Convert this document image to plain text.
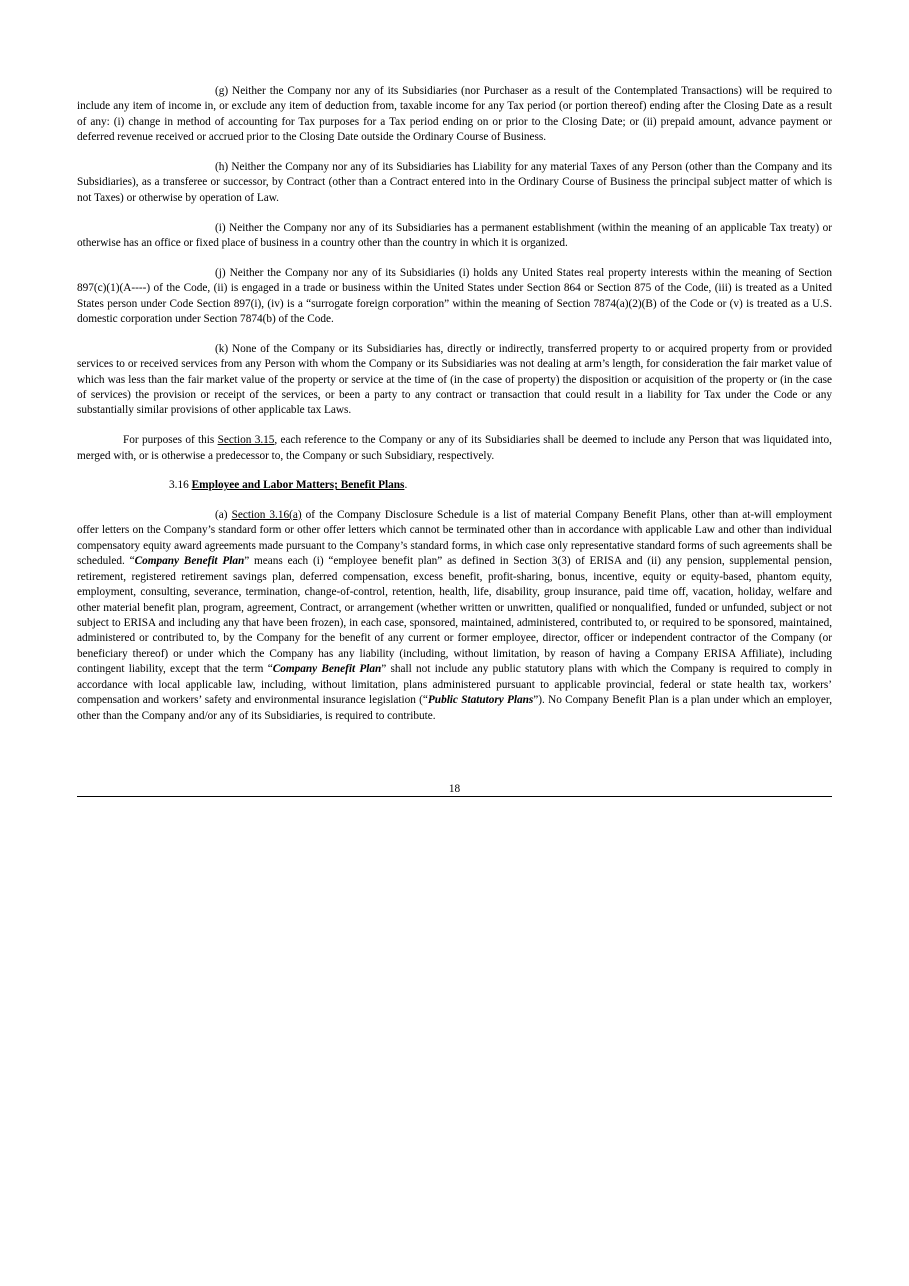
(g) Neither the Company nor any of its Subsidiaries (nor Purchaser as a result of the Contemplated Transactions) will be required to include any item of income in, or exclude any item of deduction from, taxable income for any Tax period (or portion thereof) ending after the Closing Date as a result of any: (i) change in method of accounting for Tax purposes for a Tax period ending on or prior to the Closing Date; or (ii) prepaid amount, advance payment or deferred revenue received or accrued prior to the Closing Date outside the Ordinary Course of Business.

(h) Neither the Company nor any of its Subsidiaries has Liability for any material Taxes of any Person (other than the Company and its Subsidiaries), as a transferee or successor, by Contract (other than a Contract entered into in the Ordinary Course of Business the principal subject matter of which is not Taxes) or otherwise by operation of Law.

(i) Neither the Company nor any of its Subsidiaries has a permanent establishment (within the meaning of an applicable Tax treaty) or otherwise has an office or fixed place of business in a country other than the country in which it is organized.

(j) Neither the Company nor any of its Subsidiaries (i) holds any United States real property interests within the meaning of Section 897(c)(1)(A----) of the Code, (ii) is engaged in a trade or business within the United States under Section 864 or Section 875 of the Code, (iii) is treated as a United States person under Code Section 897(i), (iv) is a “surrogate foreign corporation” within the meaning of Section 7874(a)(2)(B) of the Code or (v) is treated as a U.S. domestic corporation under Section 7874(b) of the Code.

(k) None of the Company or its Subsidiaries has, directly or indirectly, transferred property to or acquired property from or provided services to or received services from any Person with whom the Company or its Subsidiaries was not dealing at arm’s length, for consideration the fair market value of which was less than the fair market value of the property or service at the time of (in the case of property) the disposition or acquisition of the property or (in the case of services) the provision or receipt of the services, or been a party to any contract or transaction that could result in a liability for Tax under the Code or any substantially similar provisions of other applicable tax Laws.

For purposes of this Section 3.15, each reference to the Company or any of its Subsidiaries shall be deemed to include any Person that was liquidated into, merged with, or is otherwise a predecessor to, the Company or such Subsidiary, respectively.

3.16 Employee and Labor Matters; Benefit Plans.

(a) Section 3.16(a) of the Company Disclosure Schedule is a list of material Company Benefit Plans, other than at-will employment offer letters on the Company’s standard form or other offer letters which cannot be terminated other than in accordance with applicable Law and other than individual compensatory equity award agreements made pursuant to the Company’s standard forms, in which case only representative standard forms of such agreements shall be scheduled. “Company Benefit Plan” means each (i) “employee benefit plan” as defined in Section 3(3) of ERISA and (ii) any pension, supplemental pension, retirement, registered retirement savings plan, deferred compensation, excess benefit, profit-sharing, bonus, incentive, equity or equity-based, phantom equity, employment, consulting, severance, termination, change-of-control, retention, health, life, disability, group insurance, paid time off, vacation, holiday, welfare and other material benefit plan, program, agreement, Contract, or arrangement (whether written or unwritten, qualified or nonqualified, funded or unfunded, subject or not subject to ERISA and including any that have been frozen), in each case, sponsored, maintained, administered, contributed to, or required to be sponsored, maintained, administered or contributed to, by the Company for the benefit of any current or former employee, director, officer or independent contractor of the Company (or beneficiary thereof) or under which the Company has any liability (including, without limitation, by reason of having a Company ERISA Affiliate), including contingent liability, except that the term “Company Benefit Plan” shall not include any public statutory plans with which the Company is required to comply in accordance with local applicable law, including, without limitation, plans administered pursuant to applicable provincial, federal or state health tax, workers’ compensation and workers’ safety and environmental insurance legislation (“Public Statutory Plans”). No Company Benefit Plan is a plan under which an employer, other than the Company and/or any of its Subsidiaries, is required to contribute.

18
